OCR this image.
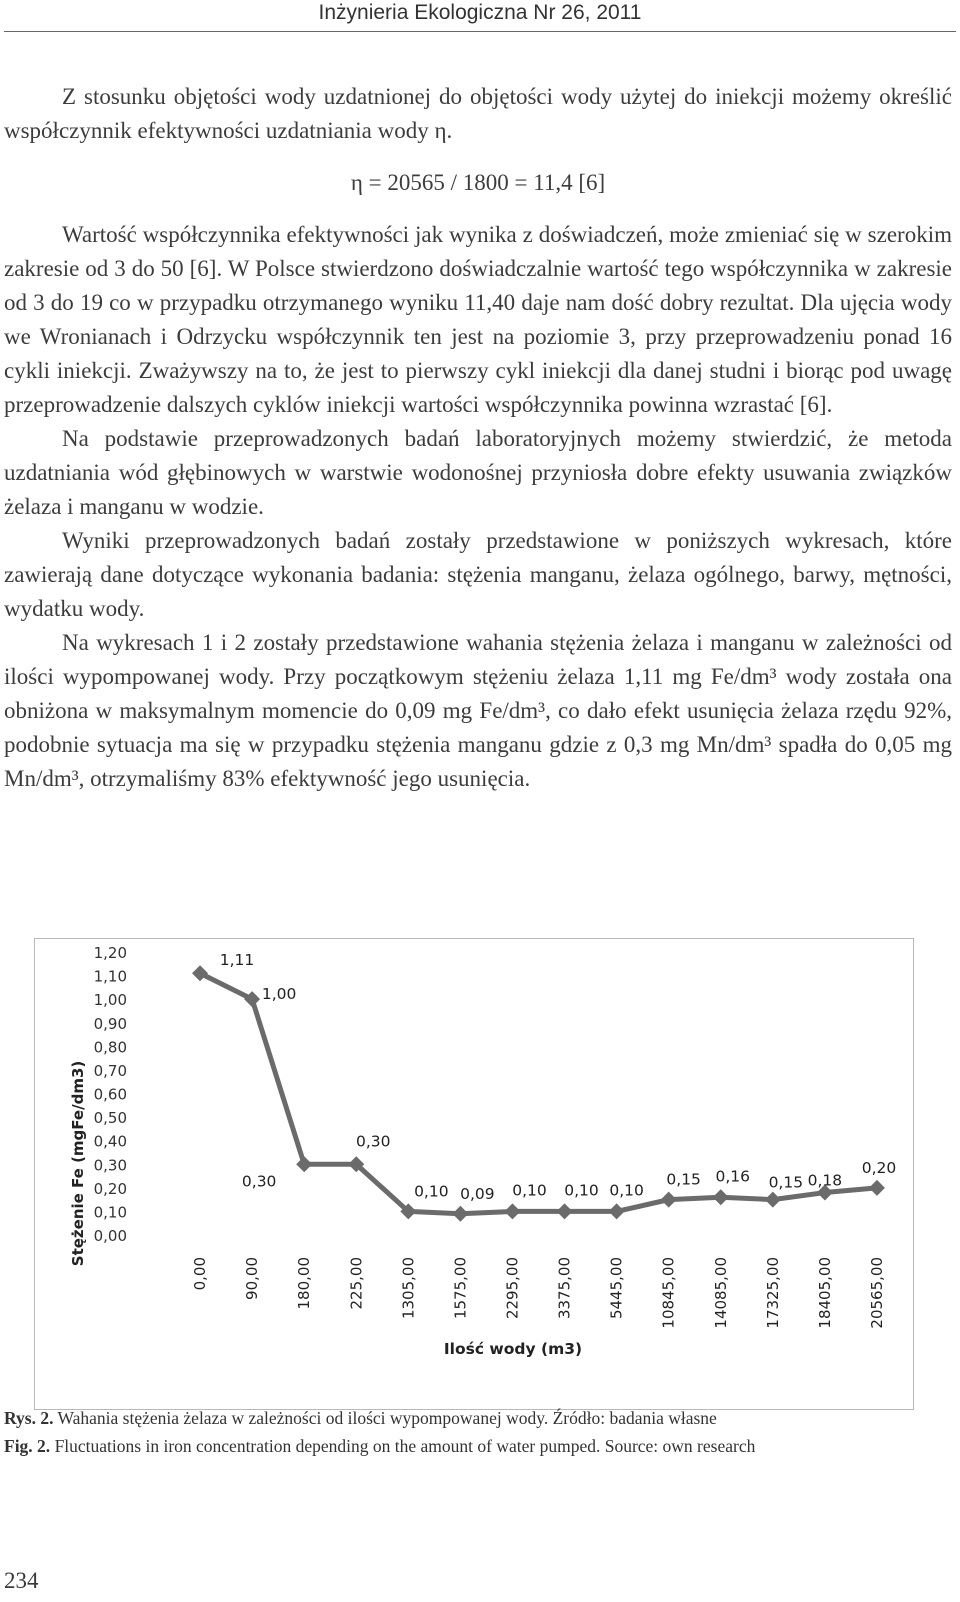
Inżynieria Ekologiczna Nr 26, 2011

Z stosunku objętości wody uzdatnionej do objętości wody użytej do iniekcji możemy określić współczynnik efektywności uzdatniania wody η.

η = 20565 / 1800 = 11,4 [6]

Wartość współczynnika efektywności jak wynika z doświadczeń, może zmieniać się w szerokim zakresie od 3 do 50 [6]. W Polsce stwierdzono doświadczalnie wartość tego współczynnika w zakresie od 3 do 19 co w przypadku otrzymanego wyniku 11,40 daje nam dość dobry rezultat. Dla ujęcia wody we Wronianach i Odrzycku współczynnik ten jest na poziomie 3, przy przeprowadzeniu ponad 16 cykli iniekcji. Zważywszy na to, że jest to pierwszy cykl iniekcji dla danej studni i biorąc pod uwagę przeprowadzenie dalszych cyklów iniekcji wartości współczynnika powinna wzrastać [6].

Na podstawie przeprowadzonych badań laboratoryjnych możemy stwierdzić, że metoda uzdatniania wód głębinowych w warstwie wodonośnej przyniosła dobre efekty usuwania związków żelaza i manganu w wodzie.

Wyniki przeprowadzonych badań zostały przedstawione w poniższych wykresach, które zawierają dane dotyczące wykonania badania: stężenia manganu, żelaza ogólnego, barwy, mętności, wydatku wody.

Na wykresach 1 i 2 zostały przedstawione wahania stężenia żelaza i manganu w zależności od ilości wypompowanej wody. Przy początkowym stężeniu żelaza 1,11 mg Fe/dm³ wody została ona obniżona w maksymalnym momencie do 0,09 mg Fe/dm³, co dało efekt usunięcia żelaza rzędu 92%, podobnie sytuacja ma się w przypadku stężenia manganu gdzie z 0,3 mg Mn/dm³ spadła do 0,05 mg Mn/dm³, otrzymaliśmy 83% efektywność jego usunięcia.

0,00
0,10
0,20
0,30
0,40
0,50
0,60
0,70
0,80
0,90
1,00
1,10
1,20
Stężenie Fe (mgFe/dm3)
0,00 90,00 180,00 225,00 1305,00 1575,00 2295,00 3375,00 5445,00 10845,00 14085,00 17325,00 18405,00 20565,00
Ilość wody (m3)
1,11
1,00
0,30
0,30
0,10 0,09 0,10 0,10 0,10
0,15 0,16 0,15 0,18
0,20
Rys. 2. Wahania stężenia żelaza w zależności od ilości wypompowanej wody. Źródło: badania własne
Fig. 2. Fluctuations in iron concentration depending on the amount of water pumped. Source: own research
234
